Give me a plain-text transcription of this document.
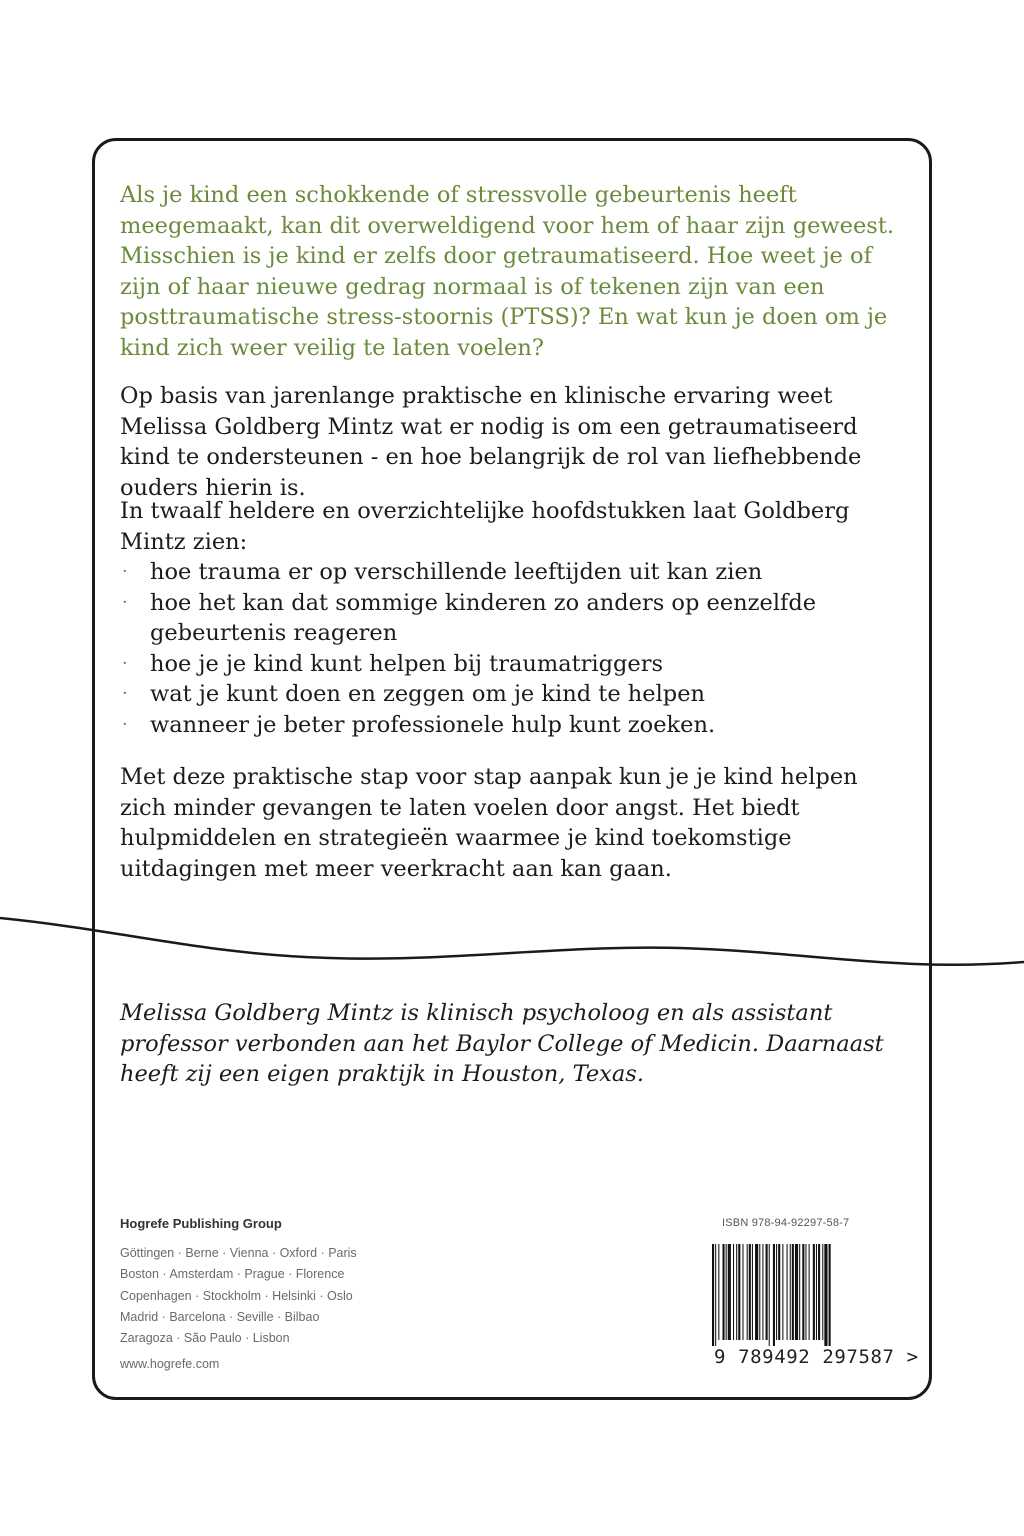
Als je kind een schokkende of stressvolle gebeurtenis heeft meegemaakt, kan dit overweldigend voor hem of haar zijn geweest. Misschien is je kind er zelfs door getraumatiseerd. Hoe weet je of zijn of haar nieuwe gedrag normaal is of tekenen zijn van een posttraumatische stress-stoornis (PTSS)? En wat kun je doen om je kind zich weer veilig te laten voelen?

Op basis van jarenlange praktische en klinische ervaring weet Melissa Goldberg Mintz wat er nodig is om een getraumatiseerd kind te ondersteunen - en hoe belangrijk de rol van liefhebbende ouders hierin is.

In twaalf heldere en overzichtelijke hoofdstukken laat Goldberg Mintz zien:

· hoe trauma er op verschillende leeftijden uit kan zien
· hoe het kan dat sommige kinderen zo anders op eenzelfde gebeurtenis reageren
· hoe je je kind kunt helpen bij traumatriggers
· wat je kunt doen en zeggen om je kind te helpen
· wanneer je beter professionele hulp kunt zoeken.

Met deze praktische stap voor stap aanpak kun je je kind helpen zich minder gevangen te laten voelen door angst. Het biedt hulpmiddelen en strategieën waarmee je kind toekomstige uitdagingen met meer veerkracht aan kan gaan.

Melissa Goldberg Mintz is klinisch psycholoog en als assistant professor verbonden aan het Baylor College of Medicin. Daarnaast heeft zij een eigen praktijk in Houston, Texas.

Hogrefe Publishing Group
Göttingen · Berne · Vienna · Oxford · Paris
Boston · Amsterdam · Prague · Florence
Copenhagen · Stockholm · Helsinki · Oslo
Madrid · Barcelona · Seville · Bilbao
Zaragoza · São Paulo · Lisbon
www.hogrefe.com
ISBN 978-94-92297-58-7
9 789492 297587 >
